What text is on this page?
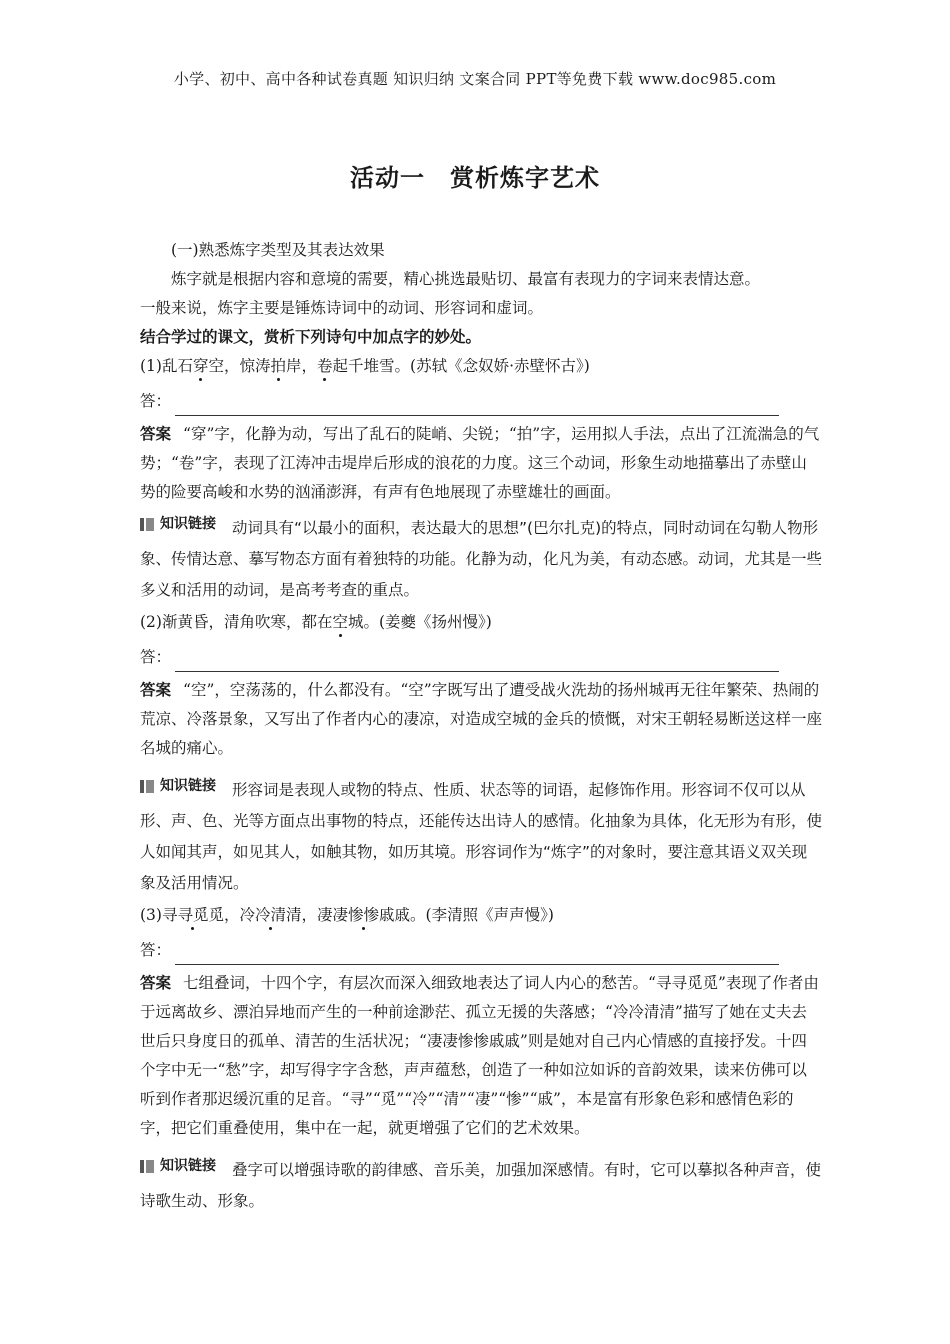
小学、初中、高中各种试卷真题 知识归纳 文案合同 PPT等免费下载 www.doc985.com
活动一　赏析炼字艺术

(一)熟悉炼字类型及其表达效果

炼字就是根据内容和意境的需要，精心挑选最贴切、最富有表现力的字词来表情达意。

一般来说，炼字主要是锤炼诗词中的动词、形容词和虚词。

结合学过的课文，赏析下列诗句中加点字的妙处。

(1)乱石穿空，惊涛拍岸，卷起千堆雪。(苏轼《念奴娇·赤壁怀古》)

答：

答案 “穿”字，化静为动，写出了乱石的陡峭、尖锐；“拍”字，运用拟人手法，点出了江流湍急的气势；“卷”字，表现了江涛冲击堤岸后形成的浪花的力度。这三个动词，形象生动地描摹出了赤壁山势的险要高峻和水势的汹涌澎湃，有声有色地展现了赤壁雄壮的画面。

知识链接 动词具有“以最小的面积，表达最大的思想”(巴尔扎克)的特点，同时动词在勾勒人物形象、传情达意、摹写物态方面有着独特的功能。化静为动，化凡为美，有动态感。动词，尤其是一些多义和活用的动词，是高考考查的重点。

(2)渐黄昏，清角吹寒，都在空城。(姜夔《扬州慢》)

答：

答案 “空”，空荡荡的，什么都没有。“空”字既写出了遭受战火洗劫的扬州城再无往年繁荣、热闹的荒凉、冷落景象，又写出了作者内心的凄凉，对造成空城的金兵的愤慨，对宋王朝轻易断送这样一座名城的痛心。

知识链接 形容词是表现人或物的特点、性质、状态等的词语，起修饰作用。形容词不仅可以从形、声、色、光等方面点出事物的特点，还能传达出诗人的感情。化抽象为具体，化无形为有形，使人如闻其声，如见其人，如触其物，如历其境。形容词作为“炼字”的对象时，要注意其语义双关现象及活用情况。

(3)寻寻觅觅，冷冷清清，凄凄惨惨戚戚。(李清照《声声慢》)

答：

答案 七组叠词，十四个字，有层次而深入细致地表达了词人内心的愁苦。“寻寻觅觅”表现了作者由于远离故乡、漂泊异地而产生的一种前途渺茫、孤立无援的失落感；“冷冷清清”描写了她在丈夫去世后只身度日的孤单、清苦的生活状况；“凄凄惨惨戚戚”则是她对自己内心情感的直接抒发。十四个字中无一“愁”字，却写得字字含愁，声声蕴愁，创造了一种如泣如诉的音韵效果，读来仿佛可以听到作者那迟缓沉重的足音。“寻”“觅”“冷”“清”“凄”“惨”“戚”，本是富有形象色彩和感情色彩的字，把它们重叠使用，集中在一起，就更增强了它们的艺术效果。

知识链接 叠字可以增强诗歌的韵律感、音乐美，加强加深感情。有时，它可以摹拟各种声音，使诗歌生动、形象。
